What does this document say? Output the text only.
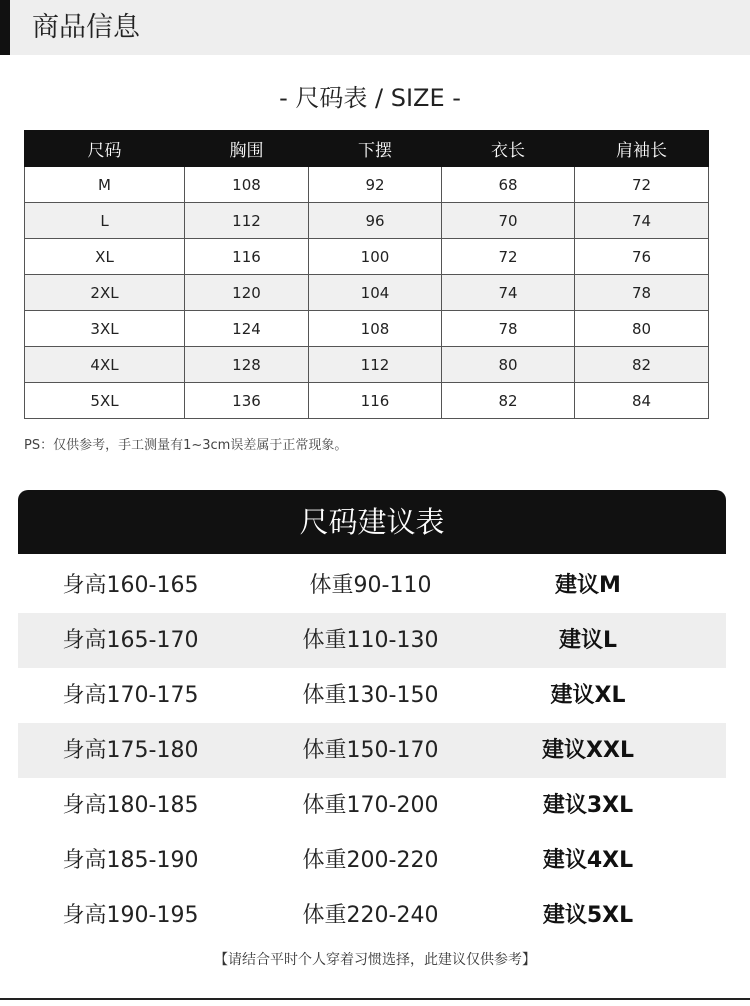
商品信息
- 尺码表 / SIZE -
尺码	胸围	下摆	衣长	肩袖长
M	108	92	68	72
L	112	96	70	74
XL	116	100	72	76
2XL	120	104	74	78
3XL	124	108	78	80
4XL	128	112	80	82
5XL	136	116	82	84
PS：仅供参考，手工测量有1~3cm误差属于正常现象。
尺码建议表
身高160-165	体重90-110	建议M
身高165-170	体重110-130	建议L
身高170-175	体重130-150	建议XL
身高175-180	体重150-170	建议XXL
身高180-185	体重170-200	建议3XL
身高185-190	体重200-220	建议4XL
身高190-195	体重220-240	建议5XL
【请结合平时个人穿着习惯选择，此建议仅供参考】
